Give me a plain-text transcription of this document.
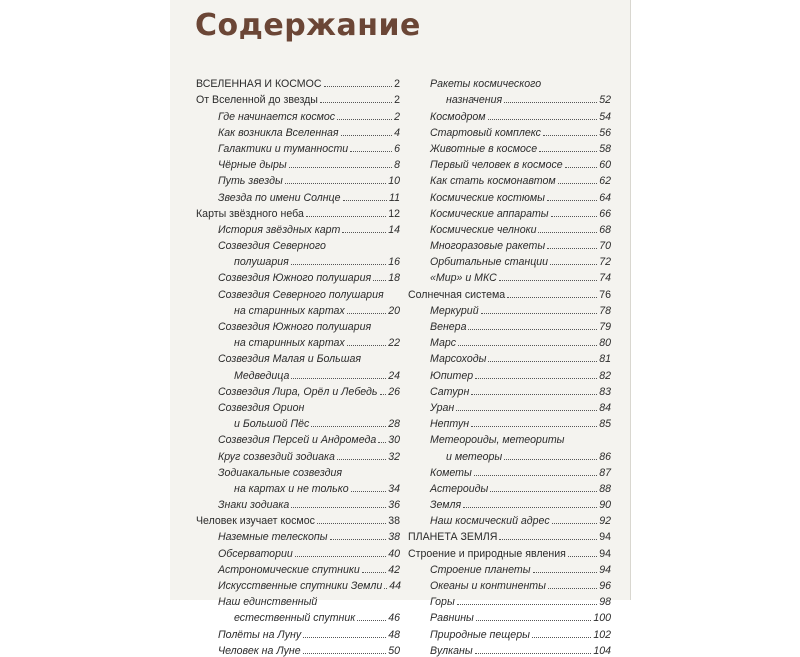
Содержание
ВСЕЛЕННАЯ И КОСМОС	2
От Вселенной до звезды	2
Где начинается космос	2
Как возникла Вселенная	4
Галактики и туманности	6
Чёрные дыры	8
Путь звезды	10
Звезда по имени Солнце	11
Карты звёздного неба	12
История звёздных карт	14
Созвездия Северного
полушария	16
Созвездия Южного полушария 18
Созвездия Северного полушария
на старинных картах	20
Созвездия Южного полушария
на старинных картах	22
Созвездия Малая и Большая
Медведица	24
Созвездия Лира, Орёл и Лебедь 26
Созвездия Орион
и Большой Пёс	28
Созвездия Персей и Андромеда 30
Круг созвездий зодиака	32
Зодиакальные созвездия
на картах и не только	34
Знаки зодиака	36
Человек изучает космос	38
Наземные телескопы	38
Обсерватории	40
Астрономические спутники	42
Искусственные спутники Земли 44
Наш единственный
естественный спутник	46
Полёты на Луну	48
Человек на Луне	50
Ракеты космического
назначения	52
Космодром	54
Стартовый комплекс	56
Животные в космосе	58
Первый человек в космосе	60
Как стать космонавтом	62
Космические костюмы	64
Космические аппараты	66
Космические челноки	68
Многоразовые ракеты	70
Орбитальные станции	72
«Мир» и МКС	74
Солнечная система	76
Меркурий	78
Венера	79
Марс	80
Марсоходы	81
Юпитер	82
Сатурн	83
Уран	84
Нептун	85
Метеороиды, метеориты
и метеоры	86
Кометы	87
Астероиды	88
Земля	90
Наш космический адрес	92
ПЛАНЕТА ЗЕМЛЯ	94
Строение и природные явления	94
Строение планеты	94
Океаны и континенты	96
Горы	98
Равнины	100
Природные пещеры	102
Вулканы	104
